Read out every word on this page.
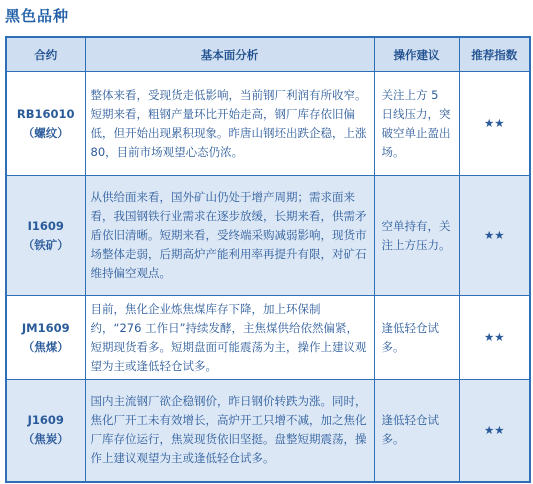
黑色品种
合约	基本面分析	操作建议	推荐指数

RB16010
（螺纹）	整体来看，受现货走低影响，当前钢厂利润有所收窄。短期来看，粗钢产量环比开始走高，钢厂库存依旧偏低，但开始出现累积现象。昨唐山钢坯出跌企稳，上涨 80，目前市场观望心态仍浓。	关注上方 5 日线压力，突破空单止盈出场。	★★

I1609
（铁矿）	从供给面来看，国外矿山仍处于增产周期；需求面来看，我国钢铁行业需求在逐步放缓，长期来看，供需矛盾依旧清晰。短期来看，受终端采购减弱影响，现货市场整体走弱，后期高炉产能利用率再提升有限，对矿石维持偏空观点。	空单持有，关注上方压力。	★★

JM1609
（焦煤）	目前，焦化企业炼焦煤库存下降，加上环保制约，“276 工作日”持续发酵，主焦煤供给依然偏紧，短期现货看多。短期盘面可能震荡为主，操作上建议观望为主或逢低轻仓试多。	逢低轻仓试多。	★★

J1609
（焦炭）	国内主流钢厂欲企稳钢价，昨日钢价转跌为涨。同时，焦化厂开工未有效增长，高炉开工只增不减，加之焦化厂库存位运行，焦炭现货依旧坚挺。盘整短期震荡，操作上建议观望为主或逢低轻仓试多。	逢低轻仓试多。	★★
